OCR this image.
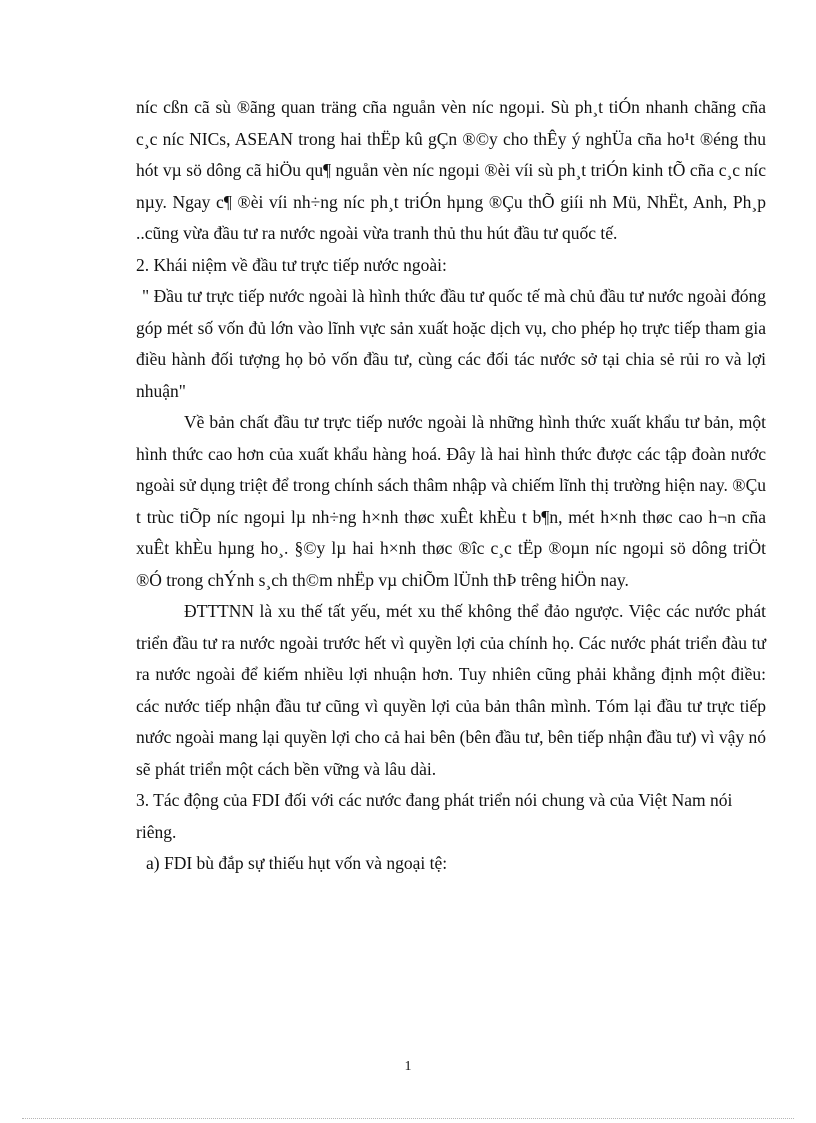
níc cßn cã sù ®ãng quan träng cña nguån vèn níc ngoµi. Sù ph¸t tiÓn nhanh chãng cña c¸c níc NICs, ASEAN trong hai thËp kû gÇn ®©y cho thÊy ý nghÜa cña ho¹t ®éng thu hót vµ sö dông cã hiÖu qu¶ nguån vèn níc ngoµi ®èi víi sù ph¸t triÓn kinh tÕ cña c¸c níc nµy. Ngay c¶ ®èi víi nh÷ng níc ph¸t triÓn hµng ®Çu thÕ giíi nh Mü, NhËt, Anh, Ph¸p ..cũng vừa đầu tư ra nước ngoài vừa tranh thủ thu hút đầu tư quốc tế.

2. Khái niệm về đầu tư trực tiếp nước ngoài:

" Đầu tư trực tiếp nước ngoài là hình thức đầu tư quốc tế mà chủ đầu tư nước ngoài đóng góp mét số vốn đủ lớn vào lĩnh vực sản xuất hoặc dịch vụ, cho phép họ trực tiếp tham gia điều hành đối tượng họ bỏ vốn đầu tư, cùng các đối tác nước sở tại chia sẻ rủi ro và lợi nhuận"

Về bản chất đầu tư trực tiếp nước ngoài là những hình thức xuất khẩu tư bản, một hình thức cao hơn của xuất khẩu hàng hoá. Đây là hai hình thức được các tập đoàn nước ngoài sử dụng triệt để trong chính sách thâm nhập và chiếm lĩnh thị trường hiện nay. ®Çu t trùc tiÕp níc ngoµi lµ nh÷ng h×nh thøc xuÊt khÈu t b¶n, mét h×nh thøc cao h¬n cña xuÊt khÈu hµng ho¸. §©y lµ hai h×nh thøc ®îc c¸c tËp ®oµn níc ngoµi sö dông triÖt ®Ó trong chÝnh s¸ch th©m nhËp vµ chiÕm lÜnh thÞ trêng hiÖn nay.

ĐTTTNN là xu thế tất yếu, mét xu thế không thể đảo ngược. Việc các nước phát triển đầu tư ra nước ngoài trước hết vì quyền lợi của chính họ. Các nước phát triển đàu tư ra nước ngoài để kiếm nhiều lợi nhuận hơn. Tuy nhiên cũng phải khẳng định một điều: các nước tiếp nhận đầu tư cũng vì quyền lợi của bản thân mình. Tóm lại đầu tư trực tiếp nước ngoài mang lại quyền lợi cho cả hai bên (bên đầu tư, bên tiếp nhận đầu tư) vì vậy nó sẽ phát triển một cách bền vững và lâu dài.

3. Tác động của FDI đối với các nước đang phát triển nói chung và của Việt Nam nói riêng.

a) FDI bù đắp sự thiếu hụt vốn và ngoại tệ:

1
